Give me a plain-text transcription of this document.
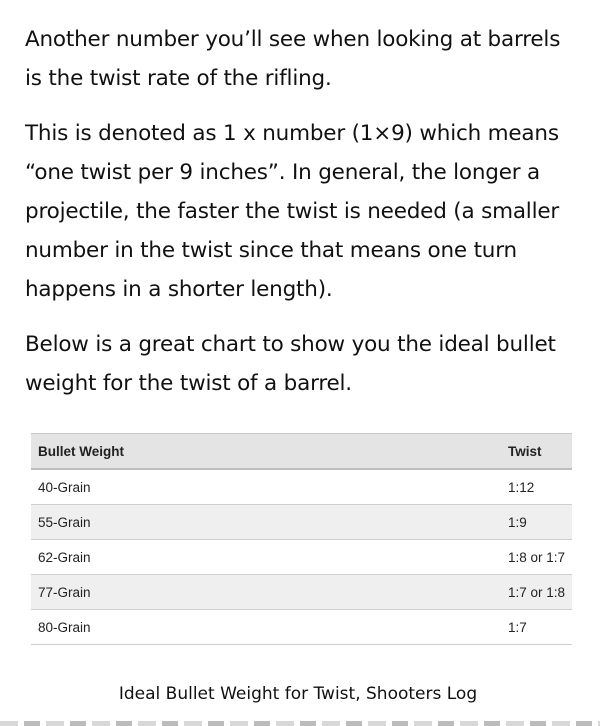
Another number you’ll see when looking at barrels is the twist rate of the rifling.

This is denoted as 1 x number (1×9) which means “one twist per 9 inches”. In general, the longer a projectile, the faster the twist is needed (a smaller number in the twist since that means one turn happens in a shorter length).

Below is a great chart to show you the ideal bullet weight for the twist of a barrel.

Bullet Weight	Twist
40-Grain	1:12
55-Grain	1:9
62-Grain	1:8 or 1:7
77-Grain	1:7 or 1:8
80-Grain	1:7
Ideal Bullet Weight for Twist, Shooters Log
